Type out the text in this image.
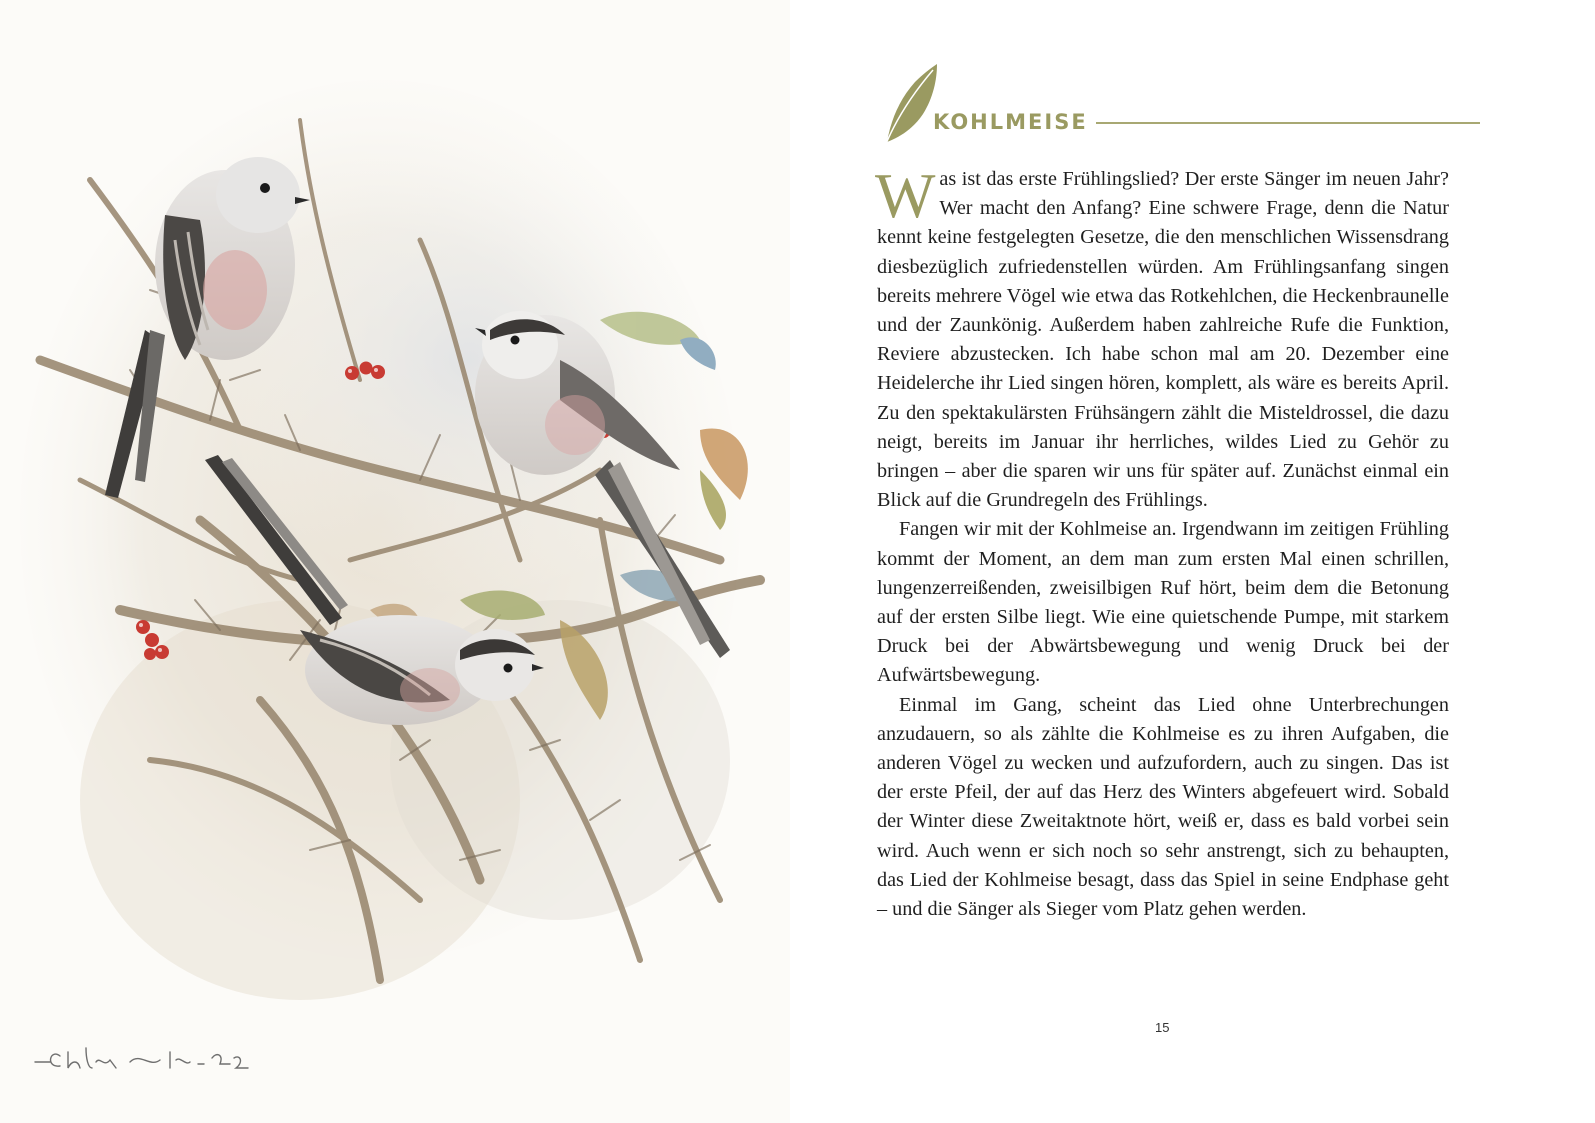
KOHLMEISE

Was ist das erste Frühlingslied? Der erste Sänger im neuen Jahr? Wer macht den Anfang? Eine schwere Frage, denn die Natur kennt keine festgelegten Gesetze, die den menschlichen Wissensdrang diesbezüglich zufriedenstellen würden. Am Frühlingsanfang singen bereits mehrere Vögel wie etwa das Rotkehlchen, die Heckenbraunelle und der Zaunkönig. Außerdem haben zahlreiche Rufe die Funktion, Reviere abzustecken. Ich habe schon mal am 20. Dezember eine Heidelerche ihr Lied singen hören, komplett, als wäre es bereits April. Zu den spektakulärsten Frühsängern zählt die Misteldrossel, die dazu neigt, bereits im Januar ihr herrliches, wildes Lied zu Gehör zu bringen – aber die sparen wir uns für später auf. Zunächst einmal ein Blick auf die Grundregeln des Frühlings.

Fangen wir mit der Kohlmeise an. Irgendwann im zeitigen Frühling kommt der Moment, an dem man zum ersten Mal einen schrillen, lungenzerreißenden, zweisilbigen Ruf hört, beim dem die Betonung auf der ersten Silbe liegt. Wie eine quietschende Pumpe, mit starkem Druck bei der Abwärtsbewegung und wenig Druck bei der Aufwärtsbewegung.

Einmal im Gang, scheint das Lied ohne Unterbrechungen anzudauern, so als zählte die Kohlmeise es zu ihren Aufgaben, die anderen Vögel zu wecken und aufzufordern, auch zu singen. Das ist der erste Pfeil, der auf das Herz des Winters abgefeuert wird. Sobald der Winter diese Zweitaktnote hört, weiß er, dass es bald vorbei sein wird. Auch wenn er sich noch so sehr anstrengt, sich zu behaupten, das Lied der Kohlmeise besagt, dass das Spiel in seine Endphase geht – und die Sänger als Sieger vom Platz gehen werden.

15
